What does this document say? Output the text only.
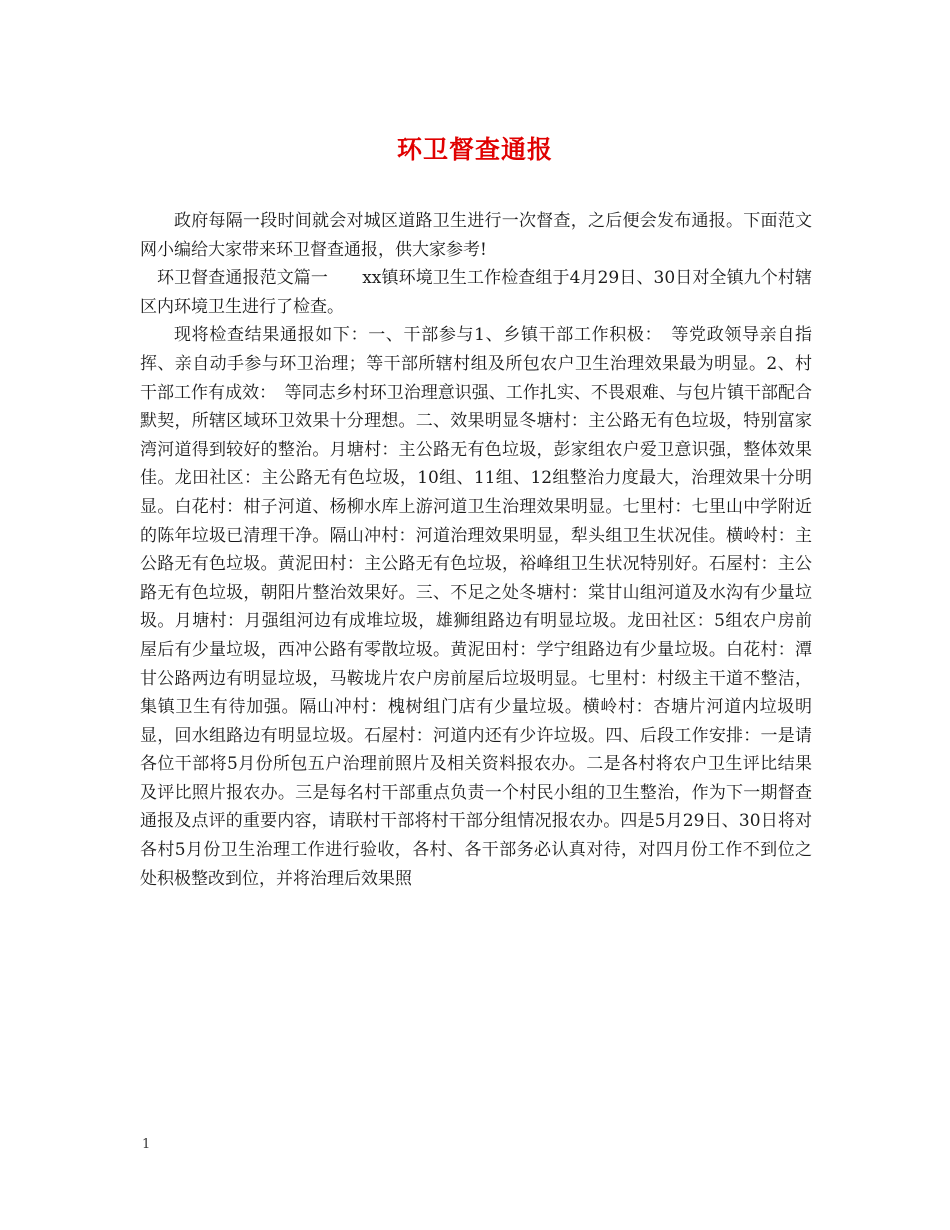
环卫督查通报

政府每隔一段时间就会对城区道路卫生进行一次督查，之后便会发布通报。下面范文网小编给大家带来环卫督查通报，供大家参考!

环卫督查通报范文篇一　　xx镇环境卫生工作检查组于4月29日、30日对全镇九个村辖区内环境卫生进行了检查。

现将检查结果通报如下：一、干部参与1、乡镇干部工作积极：　等党政领导亲自指挥、亲自动手参与环卫治理；等干部所辖村组及所包农户卫生治理效果最为明显。2、村干部工作有成效：　等同志乡村环卫治理意识强、工作扎实、不畏艰难、与包片镇干部配合默契，所辖区域环卫效果十分理想。二、效果明显冬塘村：主公路无有色垃圾，特别富家湾河道得到较好的整治。月塘村：主公路无有色垃圾，彭家组农户爱卫意识强，整体效果佳。龙田社区：主公路无有色垃圾，10组、11组、12组整治力度最大，治理效果十分明显。白花村：柑子河道、杨柳水库上游河道卫生治理效果明显。七里村：七里山中学附近的陈年垃圾已清理干净。隔山冲村：河道治理效果明显，犁头组卫生状况佳。横岭村：主公路无有色垃圾。黄泥田村：主公路无有色垃圾，裕峰组卫生状况特别好。石屋村：主公路无有色垃圾，朝阳片整治效果好。三、不足之处冬塘村：棠甘山组河道及水沟有少量垃圾。月塘村：月强组河边有成堆垃圾，雄狮组路边有明显垃圾。龙田社区：5组农户房前屋后有少量垃圾，西冲公路有零散垃圾。黄泥田村：学宁组路边有少量垃圾。白花村：潭甘公路两边有明显垃圾，马鞍垅片农户房前屋后垃圾明显。七里村：村级主干道不整洁，集镇卫生有待加强。隔山冲村：槐树组门店有少量垃圾。横岭村：杏塘片河道内垃圾明显，回水组路边有明显垃圾。石屋村：河道内还有少许垃圾。四、后段工作安排：一是请各位干部将5月份所包五户治理前照片及相关资料报农办。二是各村将农户卫生评比结果及评比照片报农办。三是每名村干部重点负责一个村民小组的卫生整治，作为下一期督查通报及点评的重要内容，请联村干部将村干部分组情况报农办。四是5月29日、30日将对各村5月份卫生治理工作进行验收，各村、各干部务必认真对待，对四月份工作不到位之处积极整改到位，并将治理后效果照

1
